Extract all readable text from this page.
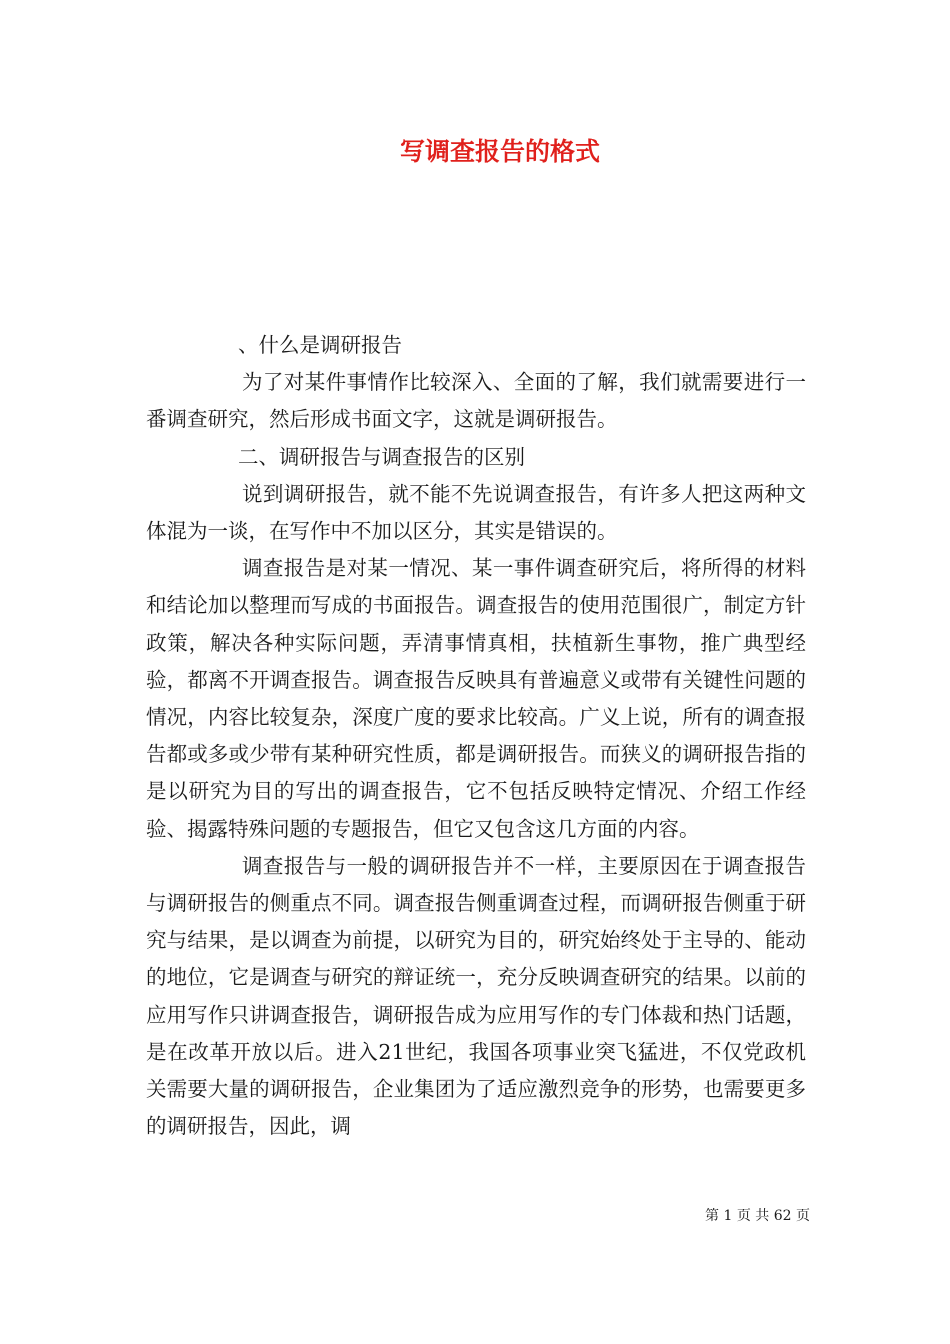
写调查报告的格式

、什么是调研报告

为了对某件事情作比较深入、全面的了解，我们就需要进行一番调查研究，然后形成书面文字，这就是调研报告。

二、调研报告与调查报告的区别

说到调研报告，就不能不先说调查报告，有许多人把这两种文体混为一谈，在写作中不加以区分，其实是错误的。

调查报告是对某一情况、某一事件调查研究后，将所得的材料和结论加以整理而写成的书面报告。调查报告的使用范围很广，制定方针政策，解决各种实际问题，弄清事情真相，扶植新生事物，推广典型经验，都离不开调查报告。调查报告反映具有普遍意义或带有关键性问题的情况，内容比较复杂，深度广度的要求比较高。广义上说，所有的调查报告都或多或少带有某种研究性质，都是调研报告。而狭义的调研报告指的是以研究为目的写出的调查报告，它不包括反映特定情况、介绍工作经验、揭露特殊问题的专题报告，但它又包含这几方面的内容。

调查报告与一般的调研报告并不一样，主要原因在于调查报告与调研报告的侧重点不同。调查报告侧重调查过程，而调研报告侧重于研究与结果，是以调查为前提，以研究为目的，研究始终处于主导的、能动的地位，它是调查与研究的辩证统一，充分反映调查研究的结果。以前的应用写作只讲调查报告，调研报告成为应用写作的专门体裁和热门话题，是在改革开放以后。进入21世纪，我国各项事业突飞猛进，不仅党政机关需要大量的调研报告，企业集团为了适应激烈竞争的形势，也需要更多的调研报告，因此，调

第 1 页 共 62 页
